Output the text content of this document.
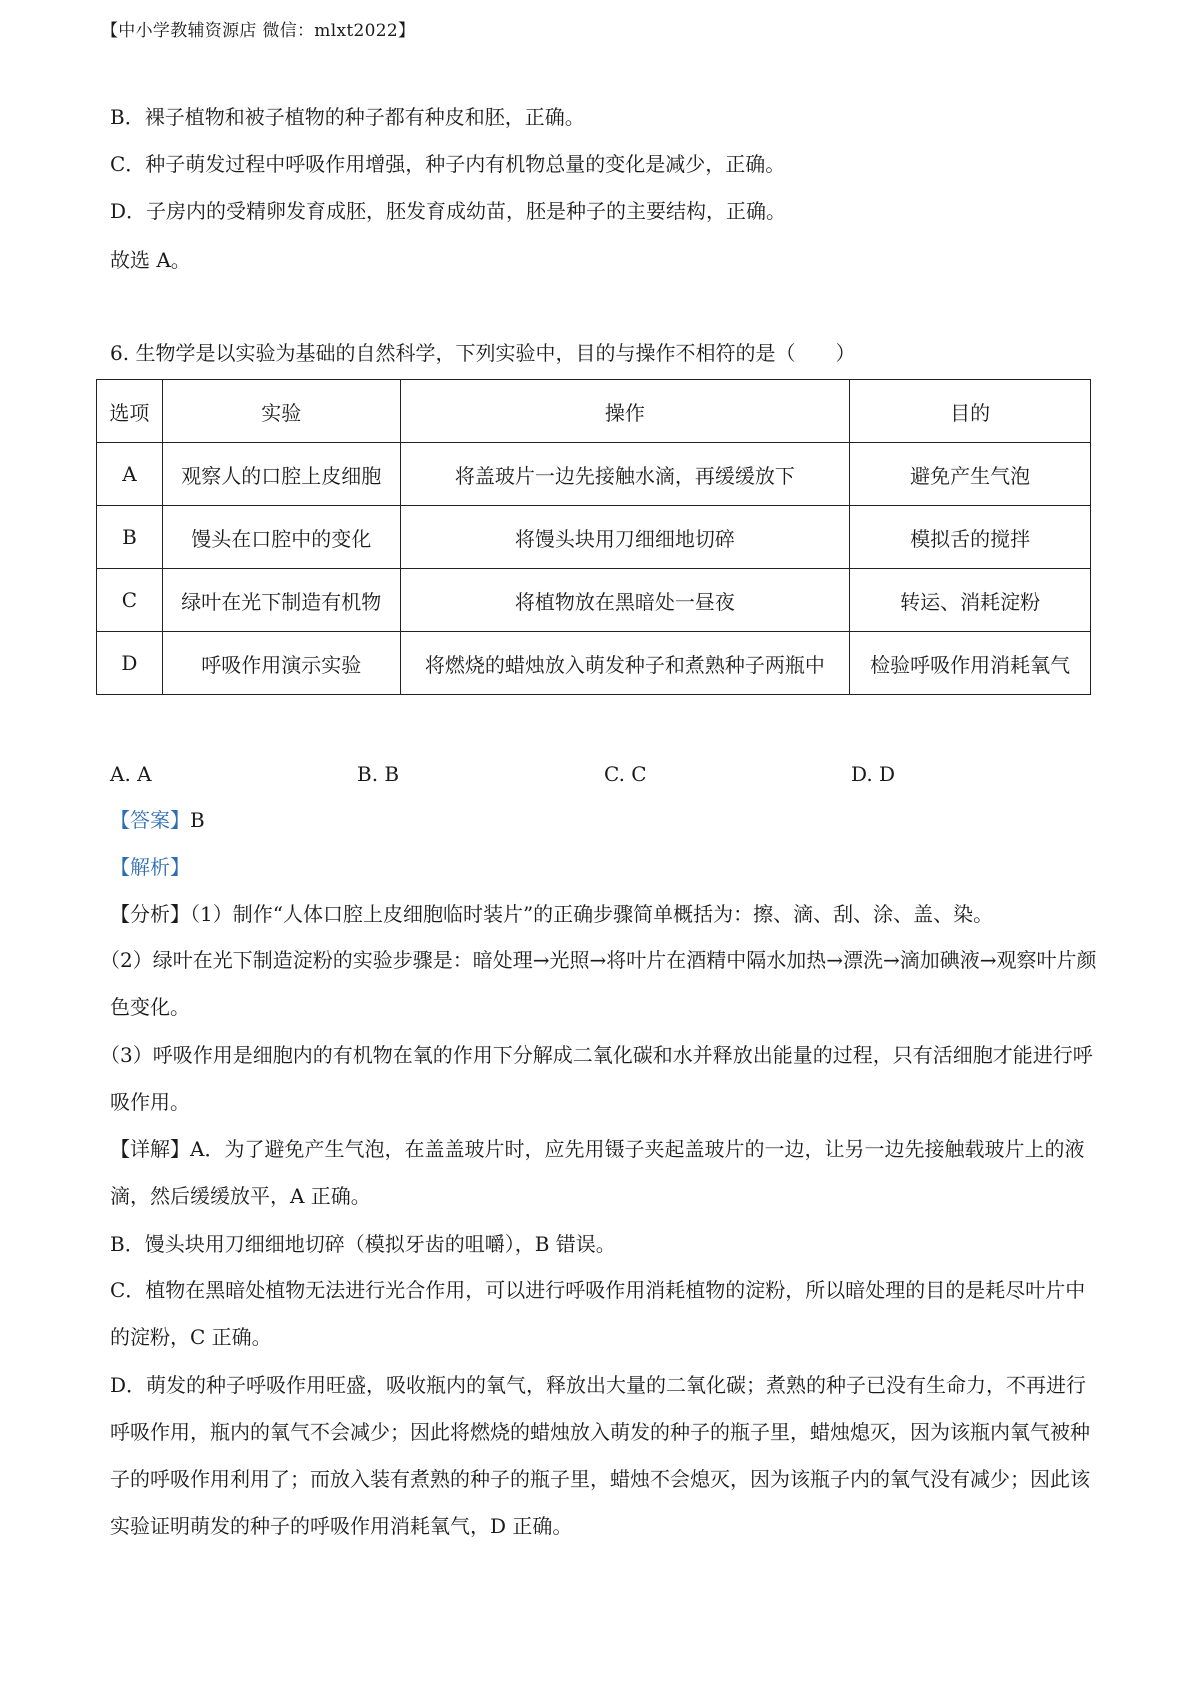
【中小学教辅资源店 微信：mlxt2022】
B．裸子植物和被子植物的种子都有种皮和胚，正确。
C．种子萌发过程中呼吸作用增强，种子内有机物总量的变化是减少，正确。
D．子房内的受精卵发育成胚，胚发育成幼苗，胚是种子的主要结构，正确。
故选 A。
6. 生物学是以实验为基础的自然科学，下列实验中，目的与操作不相符的是（　　）
选项	实验	操作	目的
A	观察人的口腔上皮细胞	将盖玻片一边先接触水滴，再缓缓放下	避免产生气泡
B	馒头在口腔中的变化	将馒头块用刀细细地切碎	模拟舌的搅拌
C	绿叶在光下制造有机物	将植物放在黑暗处一昼夜	转运、消耗淀粉
D	呼吸作用演示实验	将燃烧的蜡烛放入萌发种子和煮熟种子两瓶中	检验呼吸作用消耗氧气
A. A	B. B	C. C	D. D
【答案】B
【解析】
【分析】（1）制作“人体口腔上皮细胞临时装片”的正确步骤简单概括为：擦、滴、刮、涂、盖、染。
（2）绿叶在光下制造淀粉的实验步骤是：暗处理→光照→将叶片在酒精中隔水加热→漂洗→滴加碘液→观察叶片颜色变化。
（3）呼吸作用是细胞内的有机物在氧的作用下分解成二氧化碳和水并释放出能量的过程，只有活细胞才能进行呼吸作用。
【详解】A．为了避免产生气泡，在盖盖玻片时，应先用镊子夹起盖玻片的一边，让另一边先接触载玻片上的液滴，然后缓缓放平，A 正确。
B．馒头块用刀细细地切碎（模拟牙齿的咀嚼），B 错误。
C．植物在黑暗处植物无法进行光合作用，可以进行呼吸作用消耗植物的淀粉，所以暗处理的目的是耗尽叶片中的淀粉，C 正确。
D．萌发的种子呼吸作用旺盛，吸收瓶内的氧气，释放出大量的二氧化碳；煮熟的种子已没有生命力，不再进行呼吸作用，瓶内的氧气不会减少；因此将燃烧的蜡烛放入萌发的种子的瓶子里，蜡烛熄灭，因为该瓶内氧气被种子的呼吸作用利用了；而放入装有煮熟的种子的瓶子里，蜡烛不会熄灭，因为该瓶子内的氧气没有减少；因此该实验证明萌发的种子的呼吸作用消耗氧气，D 正确。
